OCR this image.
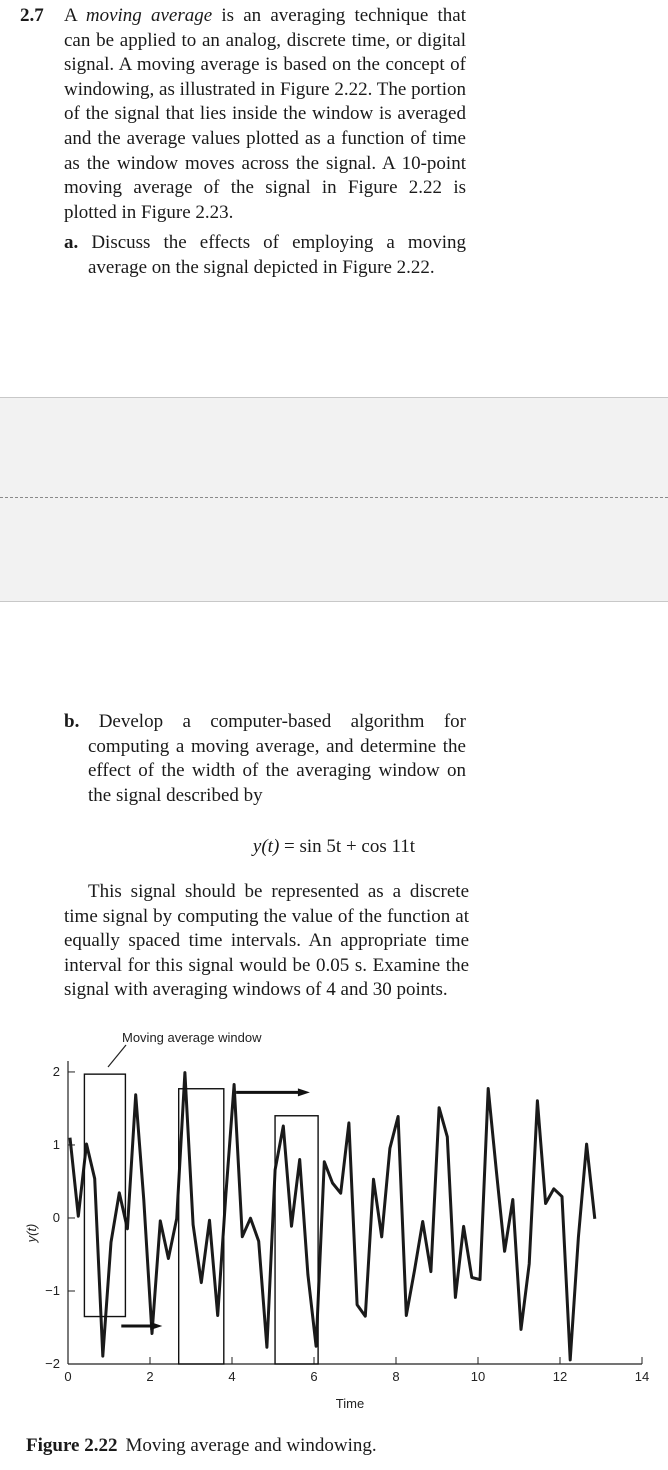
2.7 A moving average is an averaging technique that can be applied to an analog, discrete time, or digital signal. A moving average is based on the concept of windowing, as illustrated in Figure 2.22. The portion of the signal that lies inside the window is averaged and the average values plotted as a function of time as the window moves across the signal. A 10-point moving average of the signal in Figure 2.22 is plotted in Figure 2.23.
a. Discuss the effects of employing a moving average on the signal depicted in Figure 2.22.
b. Develop a computer-based algorithm for computing a moving average, and determine the effect of the width of the averaging window on the signal described by
y(t) = sin 5t + cos 11t
This signal should be represented as a discrete time signal by computing the value of the function at equally spaced time intervals. An appropriate time interval for this signal would be 0.05 s. Examine the signal with averaging windows of 4 and 30 points.
0	2	4	6	8	10	12	14
2
1
0
−1
−2
Moving average window
Time
y(t)
Figure 2.22 Moving average and windowing.
